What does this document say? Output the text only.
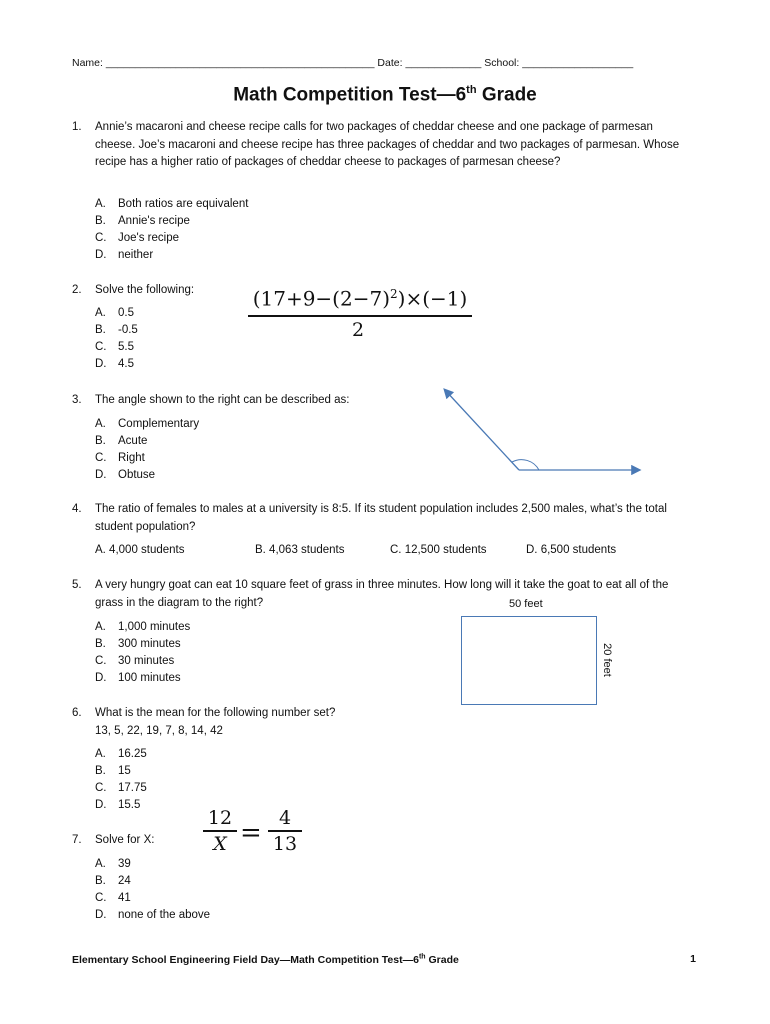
Name: ______________________________________________ Date: _____________ School: ___________________
Math Competition Test—6th Grade
1. Annie’s macaroni and cheese recipe calls for two packages of cheddar cheese and one package of parmesan cheese. Joe’s macaroni and cheese recipe has three packages of cheddar and two packages of parmesan. Whose recipe has a higher ratio of packages of cheddar cheese to packages of parmesan cheese?
A. Both ratios are equivalent
B. Annie's recipe
C. Joe's recipe
D. neither
2. Solve the following:
A. 0.5
B. -0.5
C. 5.5
D. 4.5
$(17+9-(2-7)^2)\times(-1)$
2
3. The angle shown to the right can be described as:
A. Complementary
B. Acute
C. Right
D. Obtuse
4. The ratio of females to males at a university is 8:5. If its student population includes 2,500 males, what’s the total student population?
A. 4,000 students	B. 4,063 students	C. 12,500 students	D. 6,500 students
5. A very hungry goat can eat 10 square feet of grass in three minutes. How long will it take the goat to eat all of the grass in the diagram to the right?
A. 1,000 minutes
B. 300 minutes
C. 30 minutes
D. 100 minutes
50 feet
20 feet
6. What is the mean for the following number set?
13, 5, 22, 19, 7, 8, 14, 42
A. 16.25
B. 15
C. 17.75
D. 15.5
7. Solve for X:
12
X = 4
13
A. 39
B. 24
C. 41
D. none of the above
Elementary School Engineering Field Day—Math Competition Test—6th Grade	1
